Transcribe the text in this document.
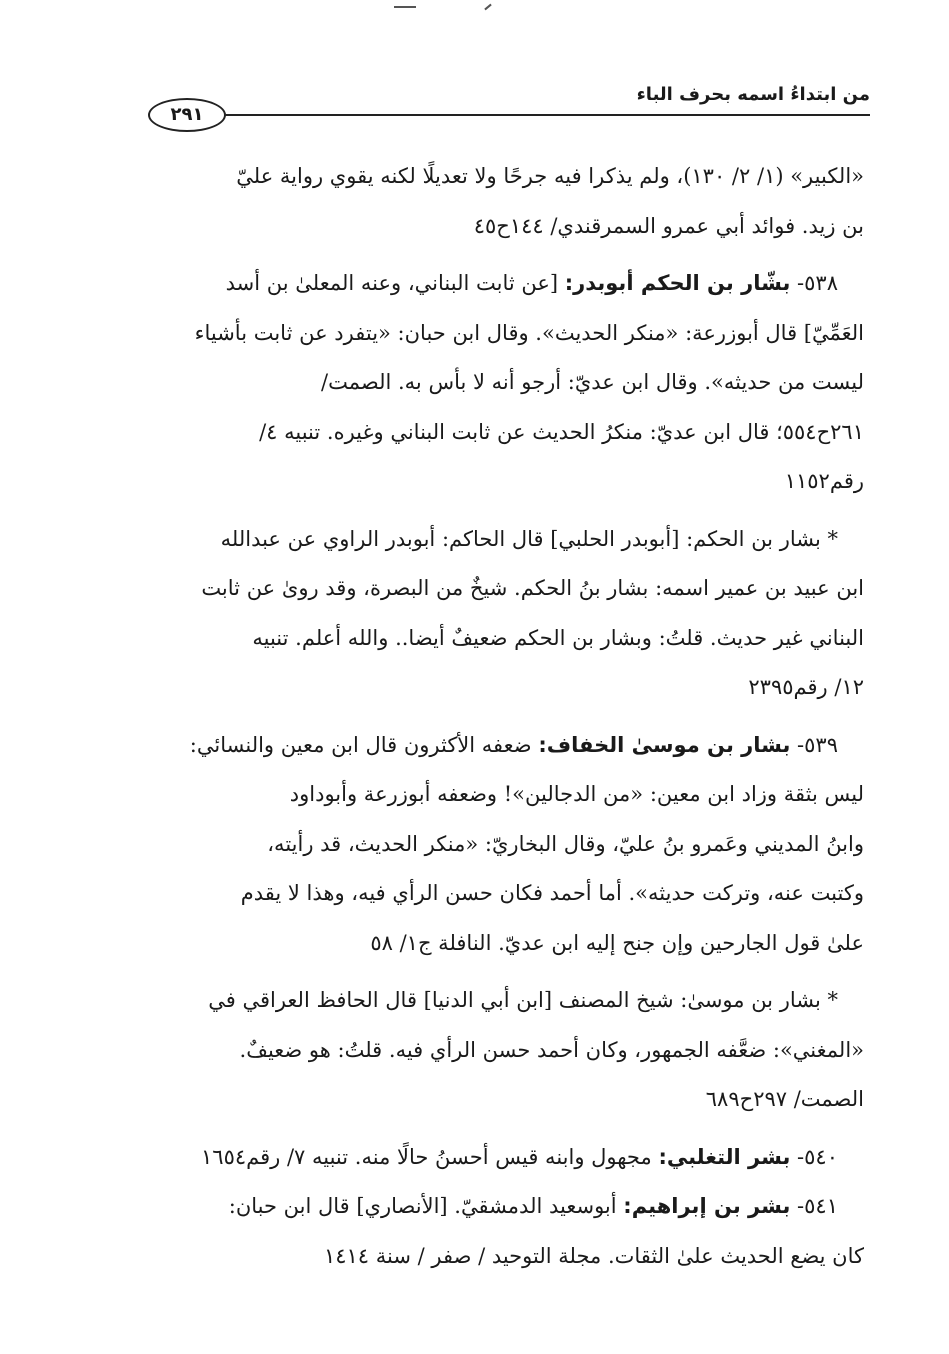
من ابتداءُ اسمه بحرف الباء
٢٩١

«الكبير» (١/ ٢/ ١٣٠)، ولم يذكرا فيه جرحًا ولا تعديلًا لكنه يقوي رواية عليّ

بن زيد. فوائد أبي عمرو السمرقندي/ ١٤٤ح٤٥

٥٣٨- بشّار بن الحكم أبوبدر: [عن ثابت البناني، وعنه المعلىٰ بن أسد

العَمِّيّ] قال أبوزرعة: «منكر الحديث». وقال ابن حبان: «يتفرد عن ثابت بأشياء

ليست من حديثه». وقال ابن عديّ: أرجو أنه لا بأس به. الصمت/

٢٦١ح٥٥٤؛ قال ابن عديّ: منكرُ الحديث عن ثابت البناني وغيره. تنبيه ٤/

رقم١١٥٢

* بشار بن الحكم: [أبوبدر الحلبي] قال الحاكم: أبوبدر الراوي عن عبدالله

ابن عبيد بن عمير اسمه: بشار بنُ الحكم. شيخٌ من البصرة، وقد رویٰ عن ثابت

البناني غير حديث. قلتُ: وبشار بن الحكم ضعيفٌ أيضا.. والله أعلم. تنبيه

١٢/ رقم٢٣٩٥

٥٣٩- بشار بن موسىٰ الخفاف: ضعفه الأكثرون قال ابن معين والنسائي:

ليس بثقة وزاد ابن معين: «من الدجالين»! وضعفه أبوزرعة وأبوداود

وابنُ المديني وعَمرو بنُ عليّ، وقال البخاريّ: «منكر الحديث، قد رأيته،

وكتبت عنه، وتركت حديثه». أما أحمد فكان حسن الرأي فيه، وهذا لا يقدم

علىٰ قول الجارحين وإن جنح إليه ابن عديّ. النافلة ج١/ ٥٨

* بشار بن موسىٰ: شيخ المصنف [ابن أبي الدنيا] قال الحافظ العراقي في

«المغني»: ضعَّفه الجمهور، وكان أحمد حسن الرأي فيه. قلتُ: هو ضعيفٌ.

الصمت/ ٢٩٧ح٦٨٩

٥٤٠- بشر التغلبي: مجهول وابنه قيس أحسنُ حالًا منه. تنبيه ٧/ رقم١٦٥٤

٥٤١- بشر بن إبراهيم: أبوسعيد الدمشقيّ. [الأنصاري] قال ابن حبان:

كان يضع الحديث علىٰ الثقات. مجلة التوحيد / صفر / سنة ١٤١٤
